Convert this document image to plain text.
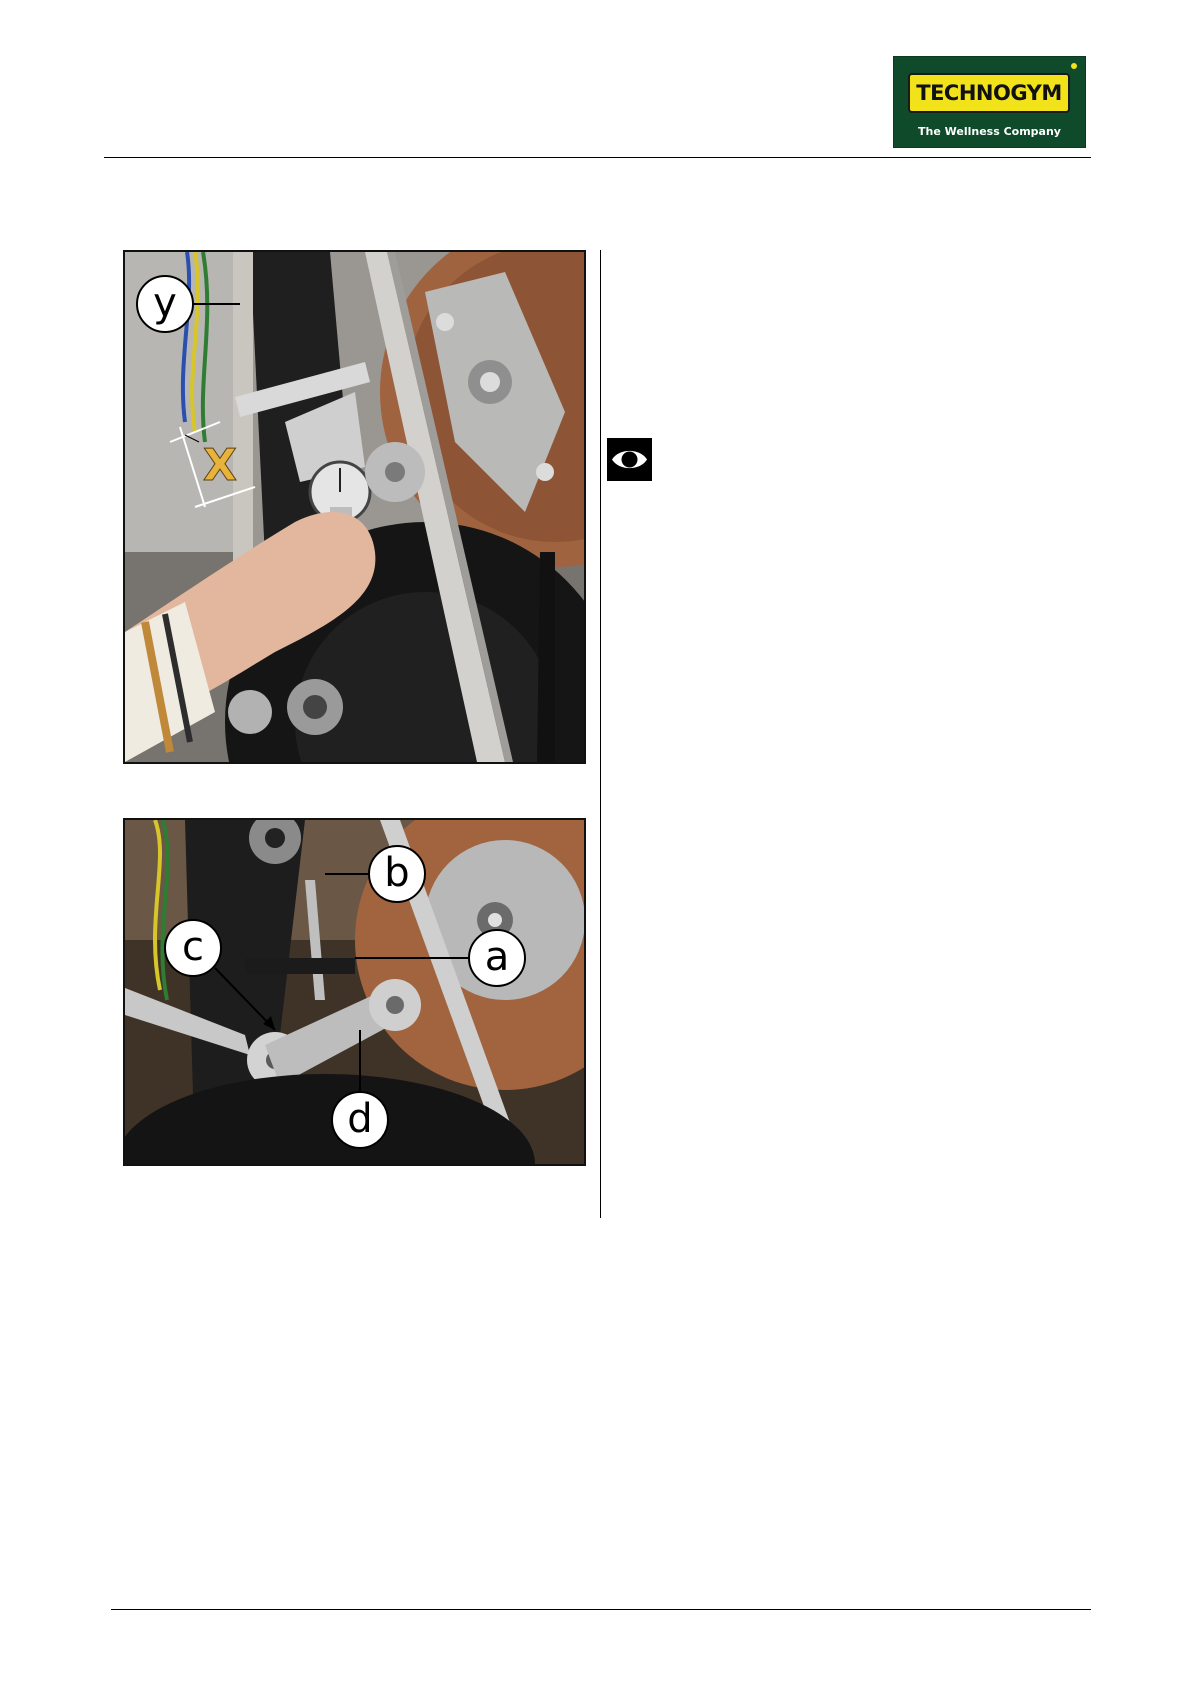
TECHNOGYM
The Wellness Company
y
X
b
a
c
d
